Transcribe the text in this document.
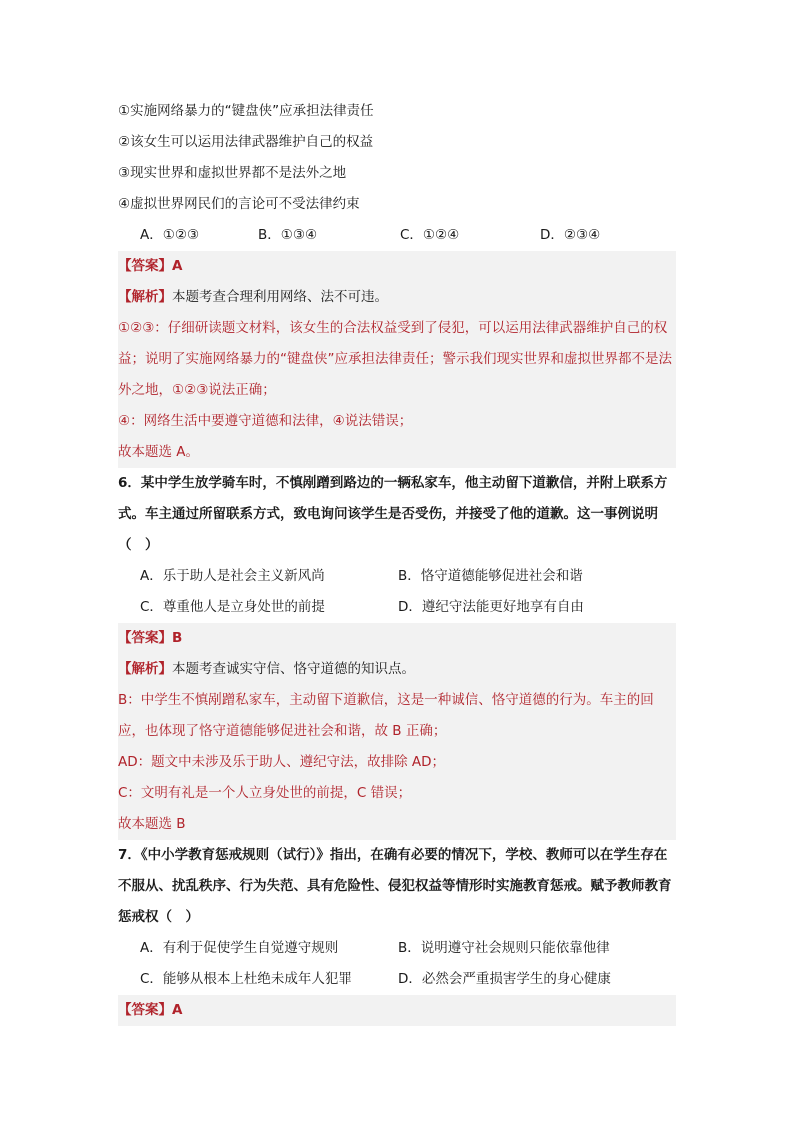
①实施网络暴力的“键盘侠”应承担法律责任
②该女生可以运用法律武器维护自己的权益
③现实世界和虚拟世界都不是法外之地
④虚拟世界网民们的言论可不受法律约束
A．①②③	B．①③④	C．①②④	D．②③④
【答案】A
【解析】本题考查合理利用网络、法不可违。
①②③：仔细研读题文材料，该女生的合法权益受到了侵犯，可以运用法律武器维护自己的权益；说明了实施网络暴力的“键盘侠”应承担法律责任；警示我们现实世界和虚拟世界都不是法外之地，①②③说法正确；
④：网络生活中要遵守道德和法律，④说法错误；
故本题选 A。
6．某中学生放学骑车时，不慎剐蹭到路边的一辆私家车，他主动留下道歉信，并附上联系方式。车主通过所留联系方式，致电询问该学生是否受伤，并接受了他的道歉。这一事例说明（　）
A．乐于助人是社会主义新风尚	B．恪守道德能够促进社会和谐
C．尊重他人是立身处世的前提	D．遵纪守法能更好地享有自由
【答案】B
【解析】本题考查诚实守信、恪守道德的知识点。
B：中学生不慎剐蹭私家车，主动留下道歉信，这是一种诚信、恪守道德的行为。车主的回应，也体现了恪守道德能够促进社会和谐，故 B 正确；
AD：题文中未涉及乐于助人、遵纪守法，故排除 AD；
C：文明有礼是一个人立身处世的前提，C 错误；
故本题选 B
7．《中小学教育惩戒规则（试行）》指出，在确有必要的情况下，学校、教师可以在学生存在不服从、扰乱秩序、行为失范、具有危险性、侵犯权益等情形时实施教育惩戒。赋予教师教育惩戒权（　）
A．有利于促使学生自觉遵守规则	B．说明遵守社会规则只能依靠他律
C．能够从根本上杜绝未成年人犯罪	D．必然会严重损害学生的身心健康
【答案】A
